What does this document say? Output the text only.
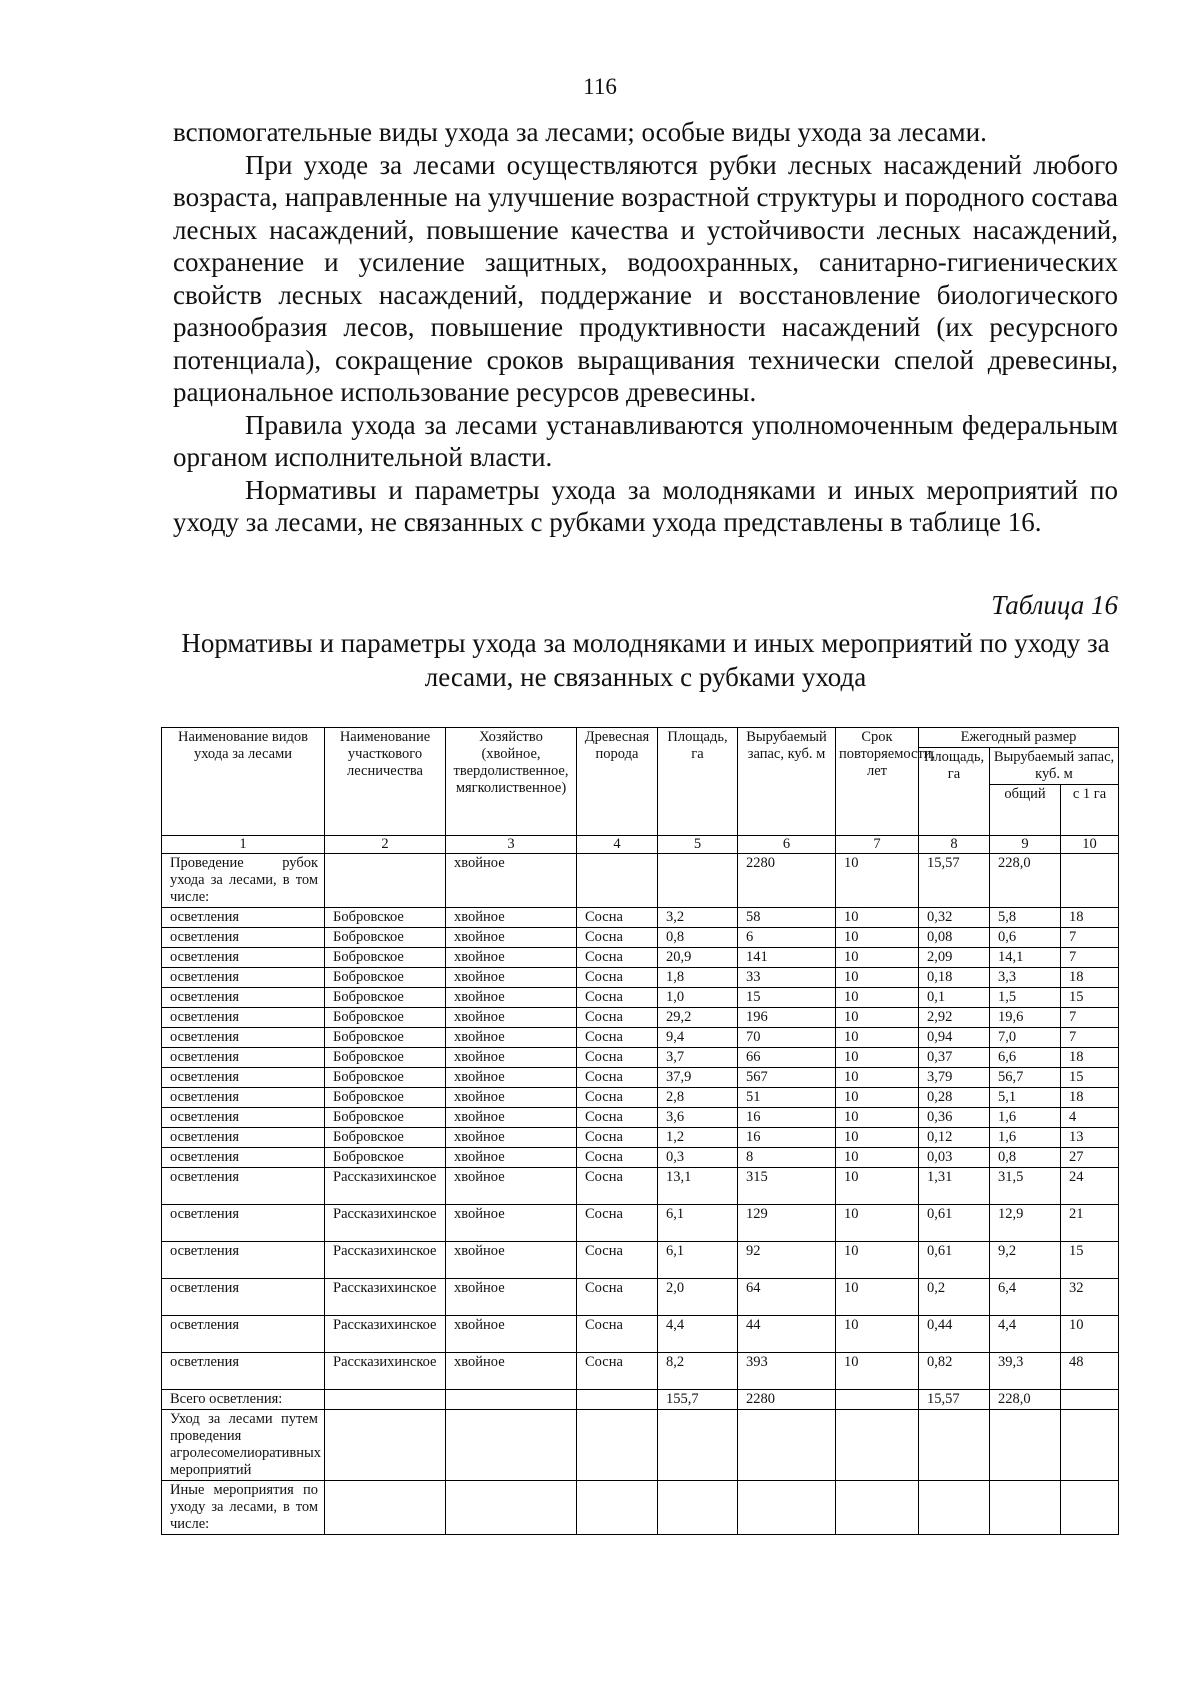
116

вспомогательные виды ухода за лесами; особые виды ухода за лесами.

При уходе за лесами осуществляются рубки лесных насаждений любого возраста, направленные на улучшение возрастной структуры и породного состава лесных насаждений, повышение качества и устойчивости лесных насаждений, сохранение и усиление защитных, водоохранных, санитарно-гигиенических свойств лесных насаждений, поддержание и восстановление биологического разнообразия лесов, повышение продуктивности насаждений (их ресурсного потенциала), сокращение сроков выращивания технически спелой древесины, рациональное использование ресурсов древесины.

Правила ухода за лесами устанавливаются уполномоченным федеральным органом исполнительной власти.

Нормативы и параметры ухода за молодняками и иных мероприятий по уходу за лесами, не связанных с рубками ухода представлены в таблице 16.

Таблица 16
Нормативы и параметры ухода за молодняками и иных мероприятий по уходу за лесами, не связанных с рубками ухода
Наименование видов ухода за лесами	Наименование участкового лесничества	Хозяйство (хвойное, твердолиственное, мягколиственное)	Древесная порода	Площадь, га	Вырубаемый запас, куб. м	Срок повторяемости, лет	Ежегодный размер		
							Площадь, га	Вырубаемый запас, куб. м	
								общий	с 1 га
1	2	3	4	5	6	7	8	9	10
Проведение рубок ухода за лесами, в том числе:		хвойное			2280	10	15,57	228,0	
осветления	Бобровское	хвойное	Сосна	3,2	58	10	0,32	5,8	18
осветления	Бобровское	хвойное	Сосна	0,8	6	10	0,08	0,6	7
осветления	Бобровское	хвойное	Сосна	20,9	141	10	2,09	14,1	7
осветления	Бобровское	хвойное	Сосна	1,8	33	10	0,18	3,3	18
осветления	Бобровское	хвойное	Сосна	1,0	15	10	0,1	1,5	15
осветления	Бобровское	хвойное	Сосна	29,2	196	10	2,92	19,6	7
осветления	Бобровское	хвойное	Сосна	9,4	70	10	0,94	7,0	7
осветления	Бобровское	хвойное	Сосна	3,7	66	10	0,37	6,6	18
осветления	Бобровское	хвойное	Сосна	37,9	567	10	3,79	56,7	15
осветления	Бобровское	хвойное	Сосна	2,8	51	10	0,28	5,1	18
осветления	Бобровское	хвойное	Сосна	3,6	16	10	0,36	1,6	4
осветления	Бобровское	хвойное	Сосна	1,2	16	10	0,12	1,6	13
осветления	Бобровское	хвойное	Сосна	0,3	8	10	0,03	0,8	27
осветления	Рассказихинское	хвойное	Сосна	13,1	315	10	1,31	31,5	24
осветления	Рассказихинское	хвойное	Сосна	6,1	129	10	0,61	12,9	21
осветления	Рассказихинское	хвойное	Сосна	6,1	92	10	0,61	9,2	15
осветления	Рассказихинское	хвойное	Сосна	2,0	64	10	0,2	6,4	32
осветления	Рассказихинское	хвойное	Сосна	4,4	44	10	0,44	4,4	10
осветления	Рассказихинское	хвойное	Сосна	8,2	393	10	0,82	39,3	48
Всего осветления:				155,7	2280		15,57	228,0	
Уход за лесами путем проведения агролесомелиоративных мероприятий									
Иные мероприятия по уходу за лесами, в том числе:									
